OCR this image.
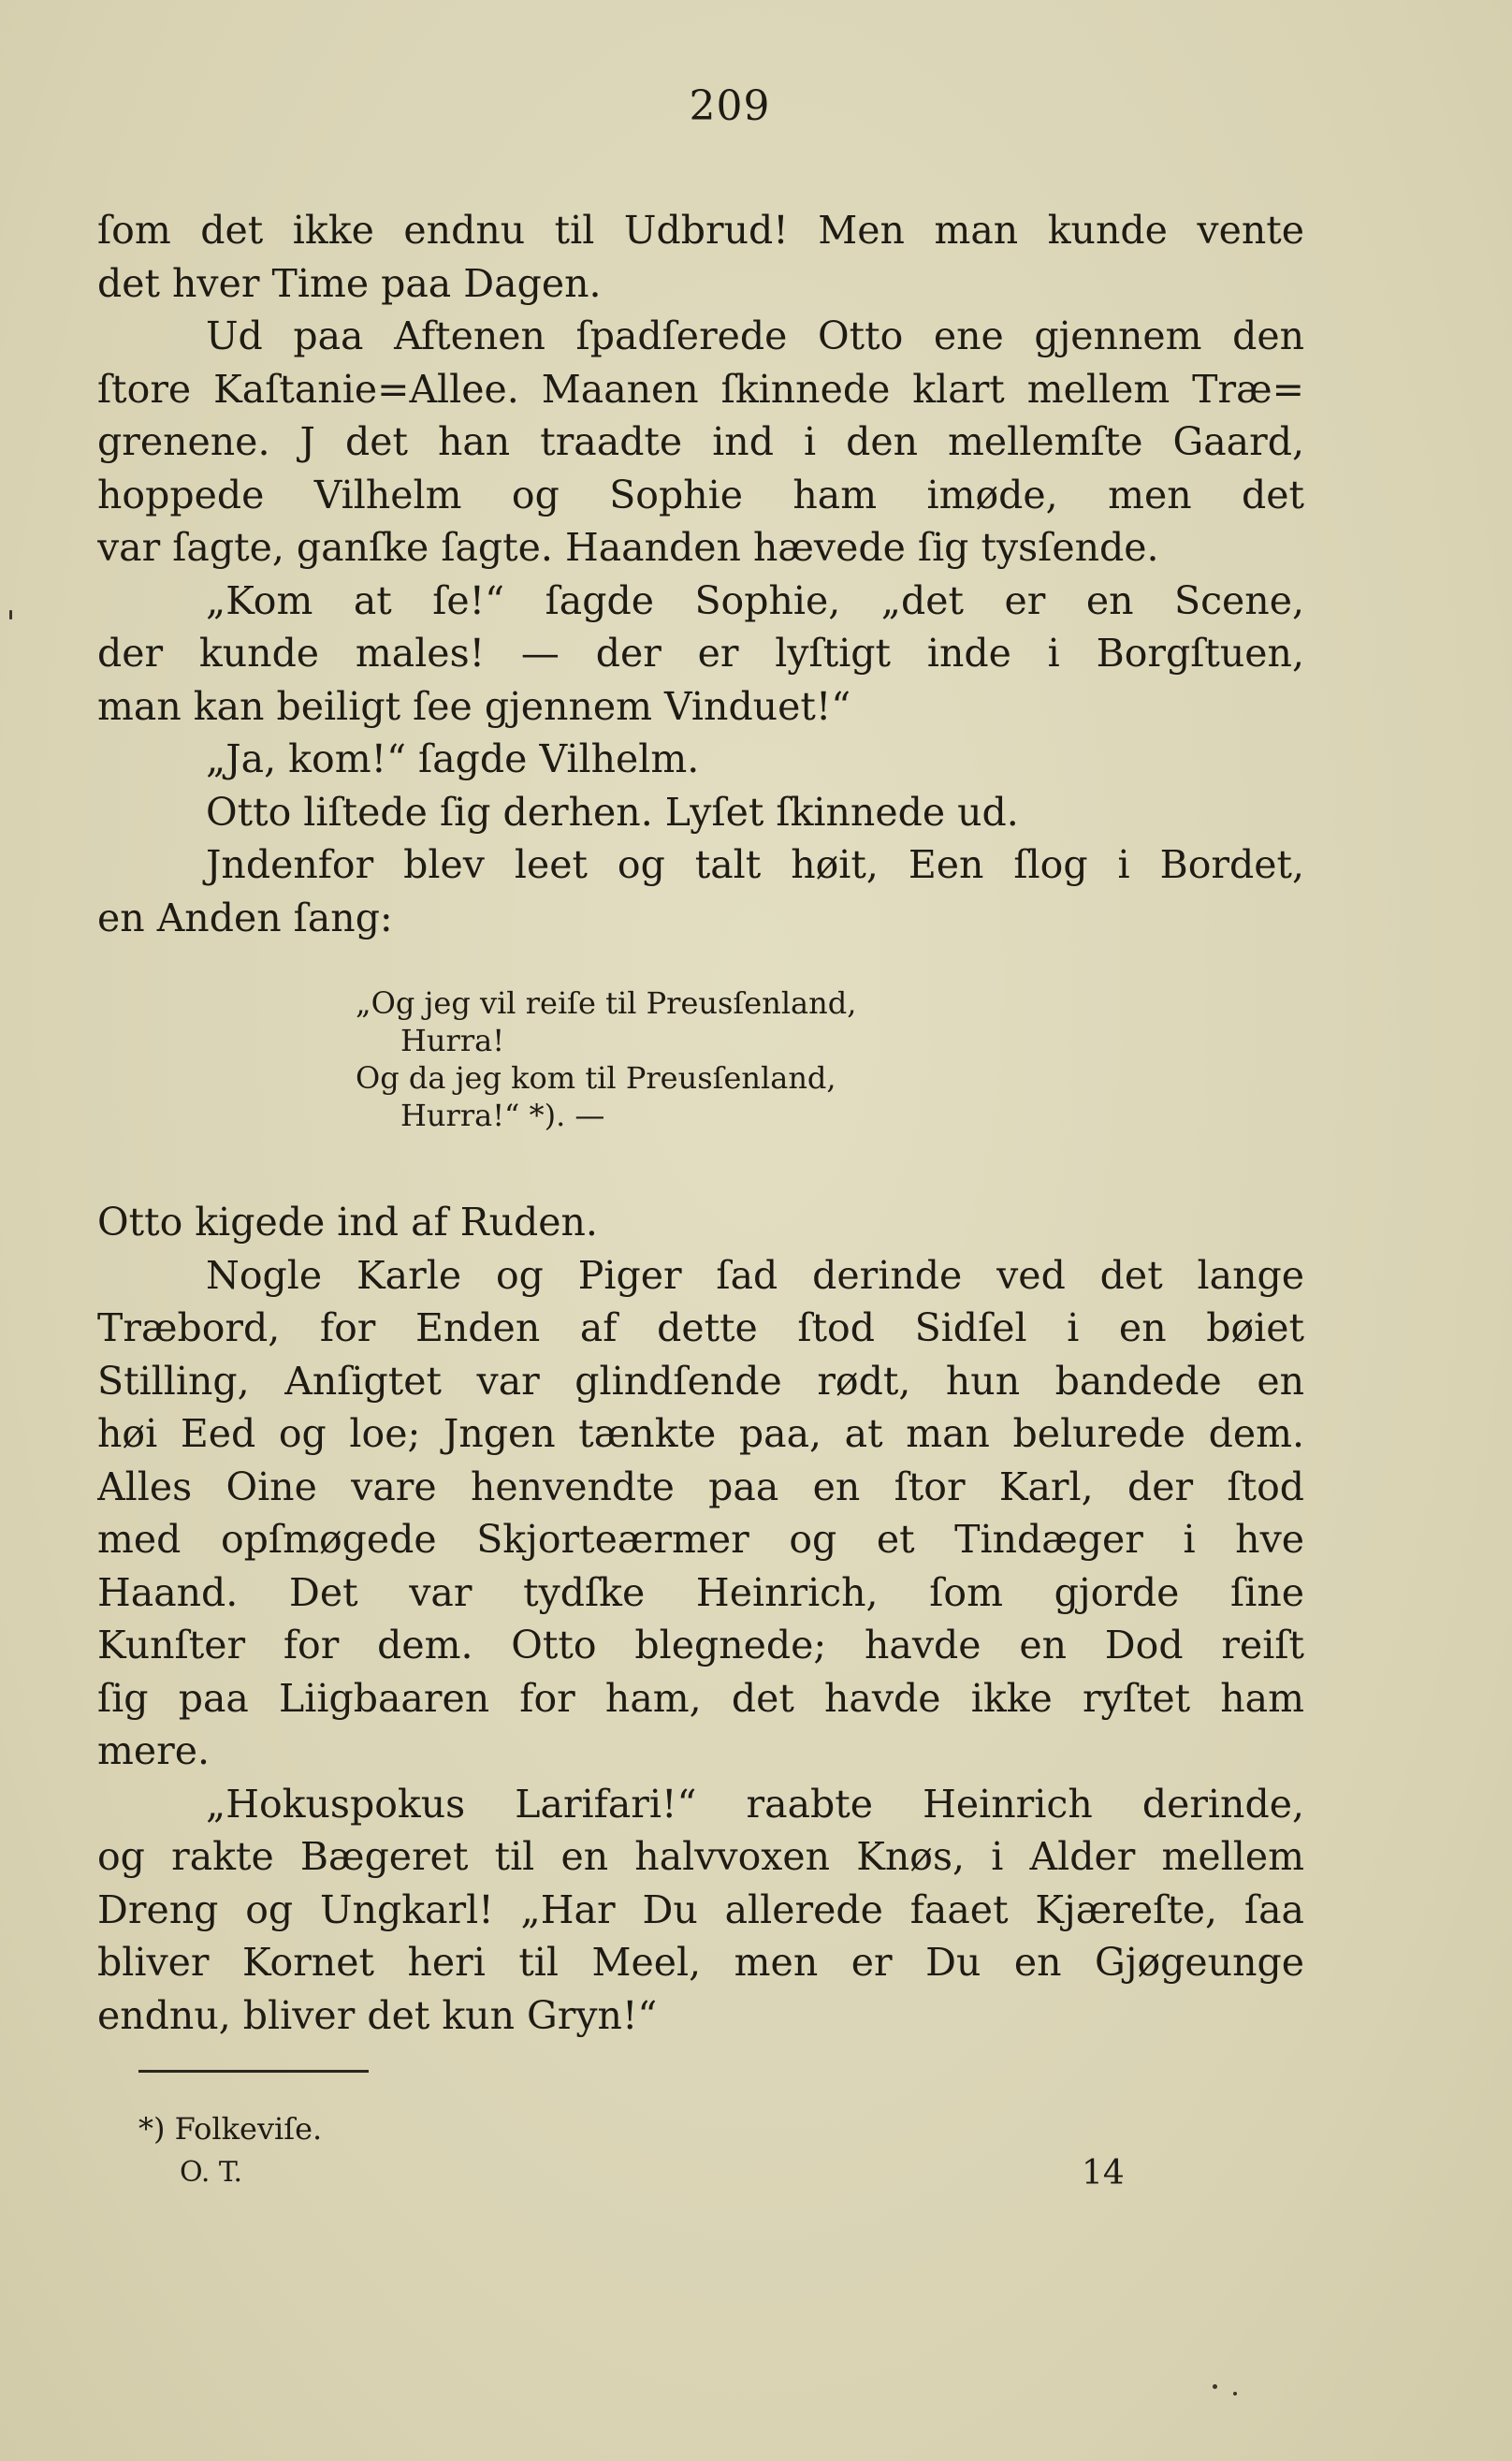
209
ſom det ikke endnu til Udbrud! Men man kunde vente
det hver Time paa Dagen.
Ud paa Aftenen ſpadſerede Otto ene gjennem den
ſtore Kaſtanie=Allee. Maanen ſkinnede klart mellem Træ=
grenene. J det han traadte ind i den mellemſte Gaard,
hoppede Vilhelm og Sophie ham imøde, men det
var ſagte, ganſke ſagte. Haanden hævede ſig tysſende.
„Kom at ſe!“ ſagde Sophie, „det er en Scene,
der kunde males! — der er lyſtigt inde i Borgſtuen,
man kan beiligt ſee gjennem Vinduet!“
„Ja, kom!“ ſagde Vilhelm.
Otto liſtede ſig derhen. Lyſet ſkinnede ud.
Jndenfor blev leet og talt høit, Een ſlog i Bordet,
en Anden ſang:
„Og jeg vil reiſe til Preusſenland,
Hurra!
Og da jeg kom til Preusſenland,
Hurra!“ *). —
Otto kigede ind af Ruden.
Nogle Karle og Piger ſad derinde ved det lange
Træbord, for Enden af dette ſtod Sidſel i en bøiet
Stilling, Anſigtet var glindſende rødt, hun bandede en
høi Eed og loe; Jngen tænkte paa, at man belurede dem.
Alles Oine vare henvendte paa en ſtor Karl, der ſtod
med opſmøgede Skjorteærmer og et Tindæger i hve
Haand. Det var tydſke Heinrich, ſom gjorde ſine
Kunſter for dem. Otto blegnede; havde en Dod reiſt
ſig paa Liigbaaren for ham, det havde ikke ryſtet ham
mere.
„Hokuspokus Larifari!“ raabte Heinrich derinde,
og rakte Bægeret til en halvvoxen Knøs, i Alder mellem
Dreng og Ungkarl! „Har Du allerede faaet Kjæreſte, ſaa
bliver Kornet heri til Meel, men er Du en Gjøgeunge
endnu, bliver det kun Gryn!“
*) Folkeviſe.
O. T.	14
